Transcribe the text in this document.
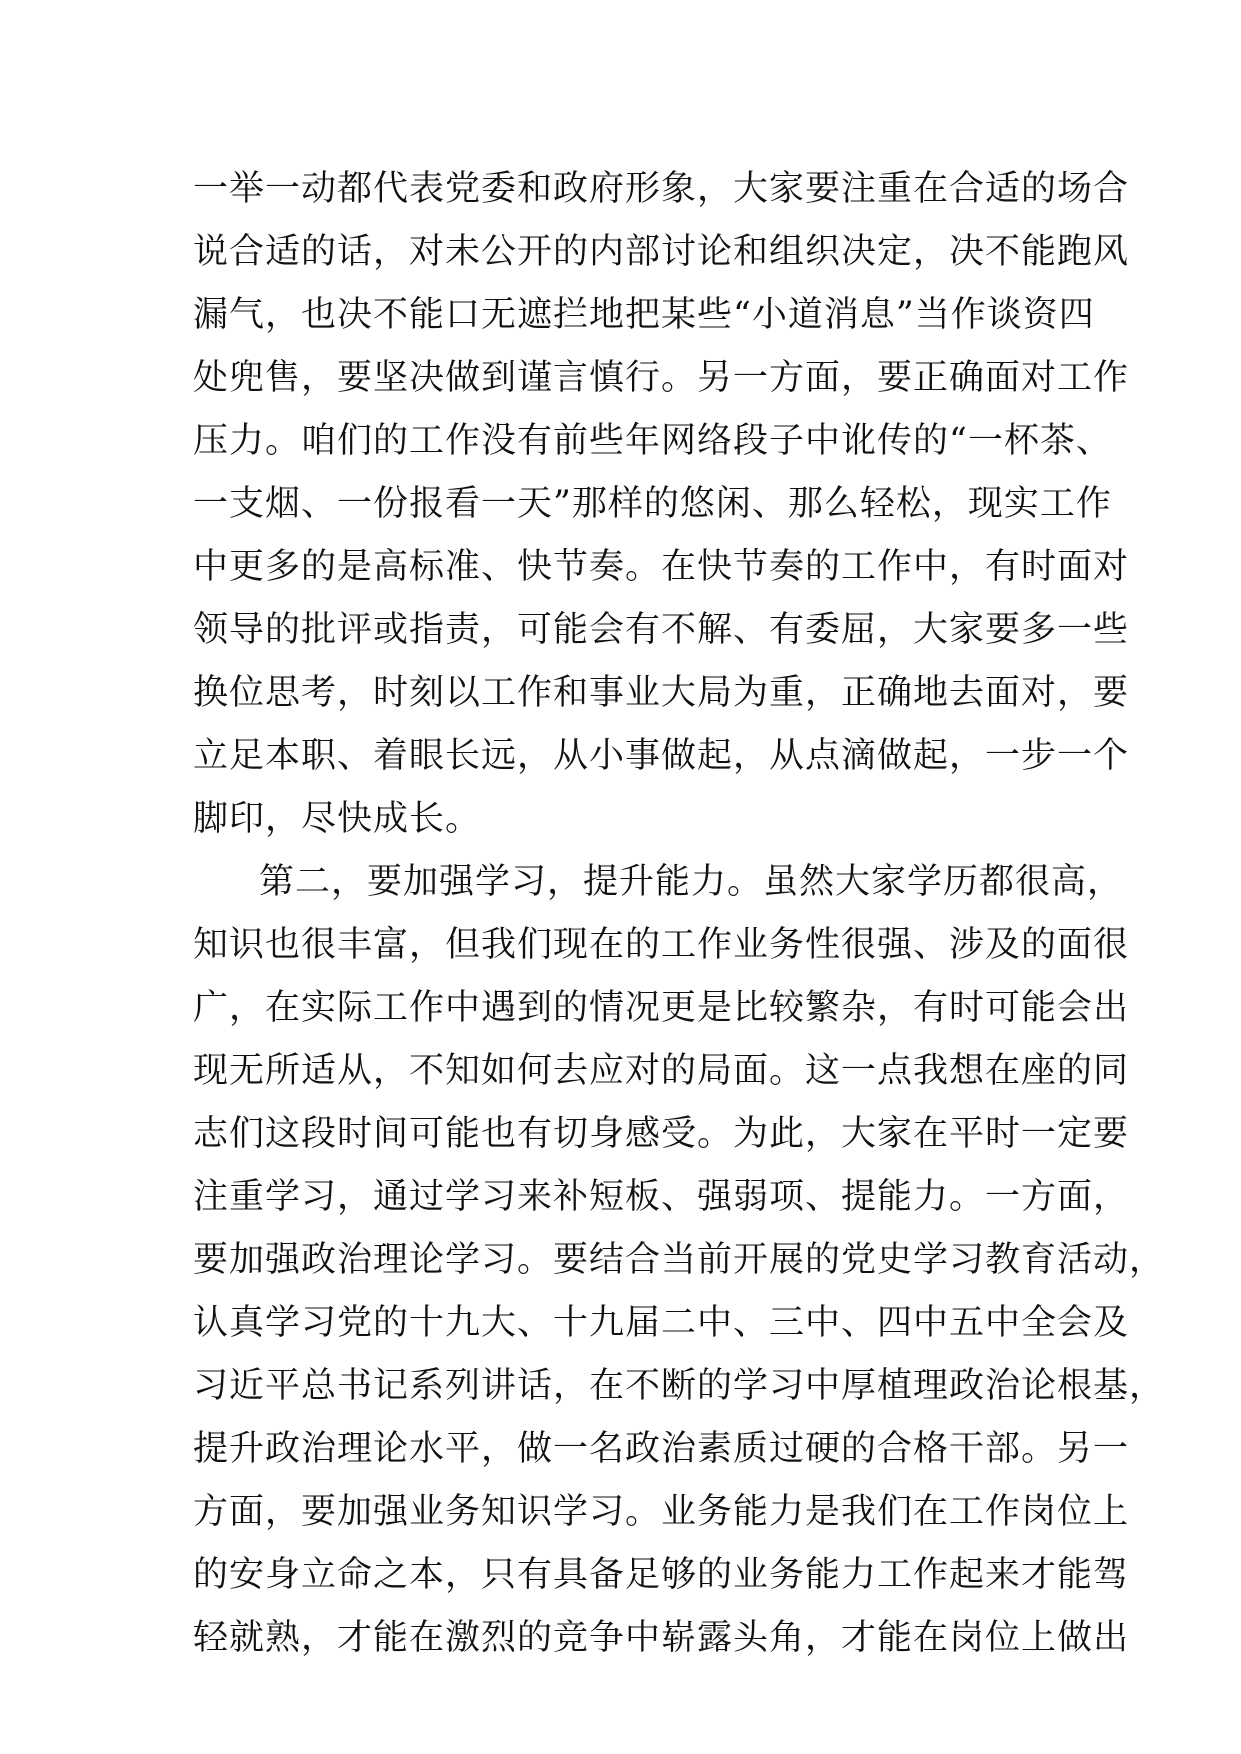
一举一动都代表党委和政府形象，大家要注重在合适的场合
说合适的话，对未公开的内部讨论和组织决定，决不能跑风
漏气，也决不能口无遮拦地把某些“小道消息”当作谈资四
处兜售，要坚决做到谨言慎行。另一方面，要正确面对工作
压力。咱们的工作没有前些年网络段子中讹传的“一杯茶、
一支烟、一份报看一天”那样的悠闲、那么轻松，现实工作
中更多的是高标准、快节奏。在快节奏的工作中，有时面对
领导的批评或指责，可能会有不解、有委屈，大家要多一些
换位思考，时刻以工作和事业大局为重，正确地去面对，要
立足本职、着眼长远，从小事做起，从点滴做起，一步一个
脚印，尽快成长。
第二，要加强学习，提升能力。虽然大家学历都很高，
知识也很丰富，但我们现在的工作业务性很强、涉及的面很
广，在实际工作中遇到的情况更是比较繁杂，有时可能会出
现无所适从，不知如何去应对的局面。这一点我想在座的同
志们这段时间可能也有切身感受。为此，大家在平时一定要
注重学习，通过学习来补短板、强弱项、提能力。一方面，
要加强政治理论学习。要结合当前开展的党史学习教育活动，
认真学习党的十九大、十九届二中、三中、四中五中全会及
习近平总书记系列讲话，在不断的学习中厚植理政治论根基，
提升政治理论水平，做一名政治素质过硬的合格干部。另一
方面，要加强业务知识学习。业务能力是我们在工作岗位上
的安身立命之本，只有具备足够的业务能力工作起来才能驾
轻就熟，才能在激烈的竞争中崭露头角，才能在岗位上做出
